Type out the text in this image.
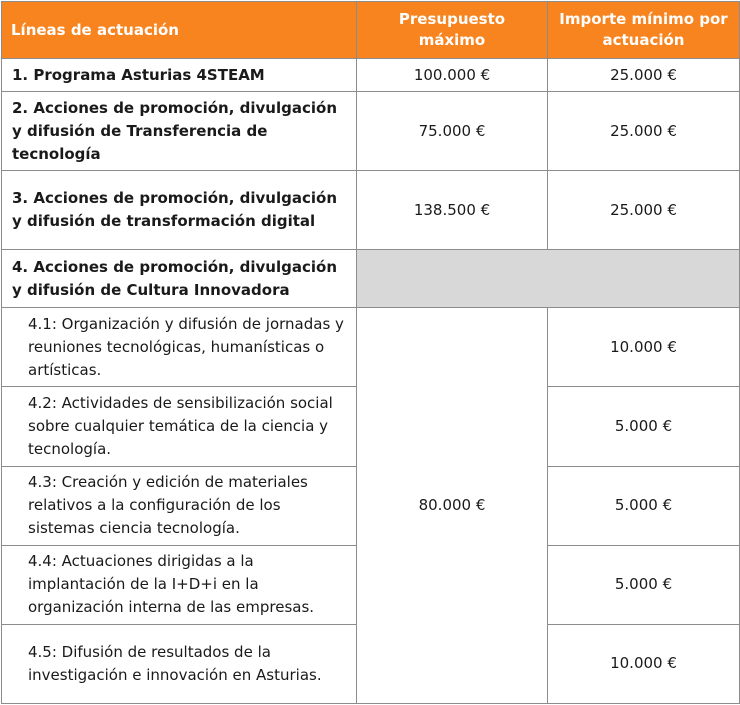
Líneas de actuación	Presupuesto máximo	Importe mínimo por actuación
1. Programa Asturias 4STEAM	100.000 €	25.000 €
2. Acciones de promoción, divulgación y difusión de Transferencia de tecnología	75.000 €	25.000 €
3. Acciones de promoción, divulgación y difusión de transformación digital	138.500 €	25.000 €
4. Acciones de promoción, divulgación y difusión de Cultura Innovadora		
4.1: Organización y difusión de jornadas y reuniones tecnológicas, humanísticas o artísticas.	80.000 €	10.000 €
4.2: Actividades de sensibilización social sobre cualquier temática de la ciencia y tecnología.		5.000 €
4.3: Creación y edición de materiales relativos a la configuración de los sistemas ciencia tecnología.		5.000 €
4.4: Actuaciones dirigidas a la implantación de la I+D+i en la organización interna de las empresas.		5.000 €
4.5: Difusión de resultados de la investigación e innovación en Asturias.		10.000 €
